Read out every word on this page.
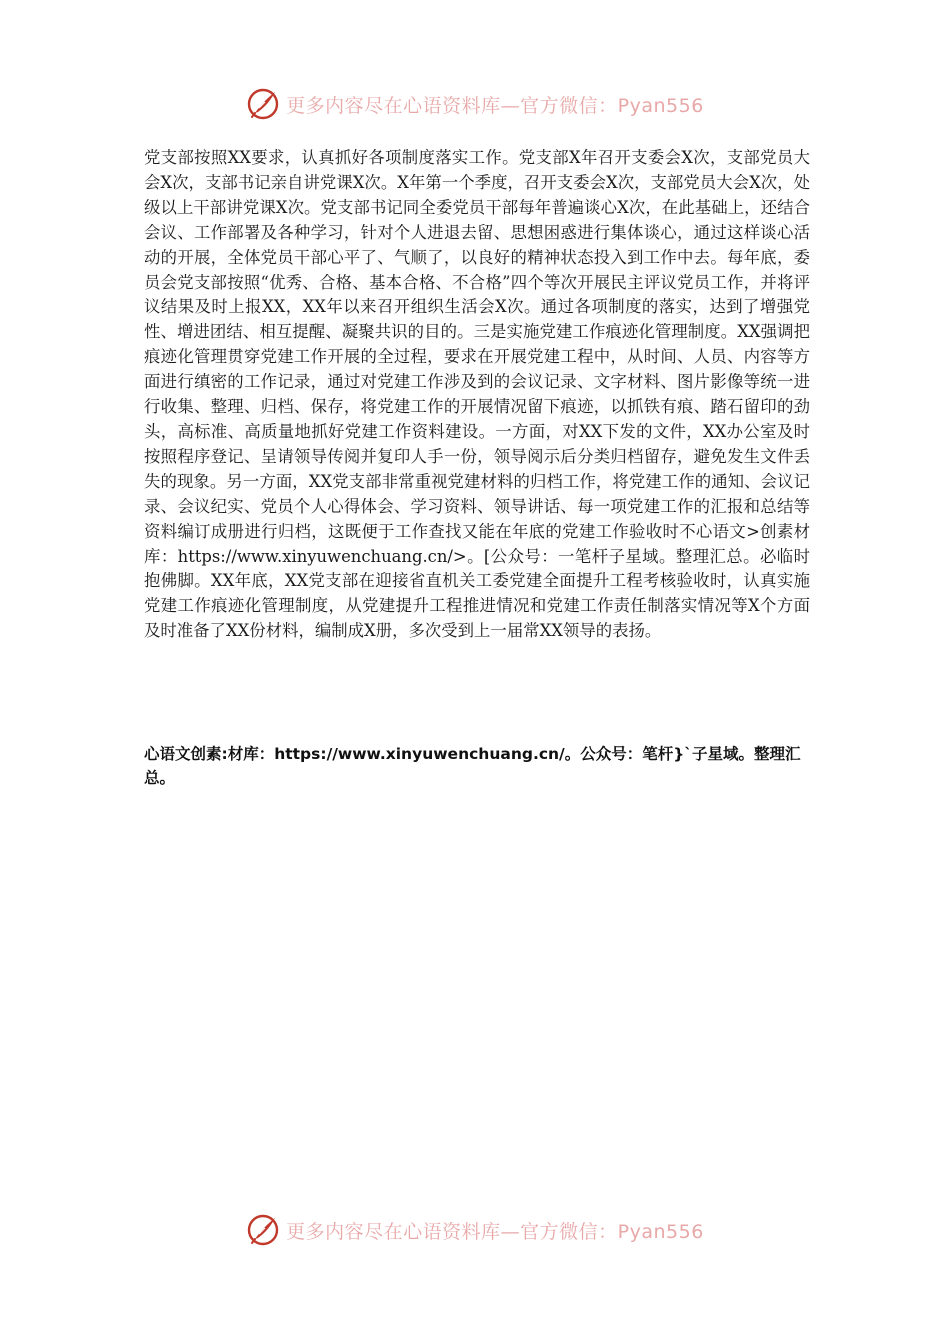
更多内容尽在心语资料库—官方微信：Pyan556

党支部按照XX要求，认真抓好各项制度落实工作。党支部X年召开支委会X次，支部党员大会X次，支部书记亲自讲党课X次。X年第一个季度，召开支委会X次，支部党员大会X次，处级以上干部讲党课X次。党支部书记同全委党员干部每年普遍谈心X次，在此基础上，还结合会议、工作部署及各种学习，针对个人进退去留、思想困惑进行集体谈心，通过这样谈心活动的开展，全体党员干部心平了、气顺了，以良好的精神状态投入到工作中去。每年底，委员会党支部按照“优秀、合格、基本合格、不合格”四个等次开展民主评议党员工作，并将评议结果及时上报XX，XX年以来召开组织生活会X次。通过各项制度的落实，达到了增强党性、增进团结、相互提醒、凝聚共识的目的。三是实施党建工作痕迹化管理制度。XX强调把痕迹化管理贯穿党建工作开展的全过程，要求在开展党建工程中，从时间、人员、内容等方面进行缜密的工作记录，通过对党建工作涉及到的会议记录、文字材料、图片影像等统一进行收集、整理、归档、保存，将党建工作的开展情况留下痕迹，以抓铁有痕、踏石留印的劲头，高标准、高质量地抓好党建工作资料建设。一方面，对XX下发的文件，XX办公室及时按照程序登记、呈请领导传阅并复印人手一份，领导阅示后分类归档留存，避免发生文件丢失的现象。另一方面，XX党支部非常重视党建材料的归档工作，将党建工作的通知、会议记录、会议纪实、党员个人心得体会、学习资料、领导讲话、每一项党建工作的汇报和总结等资料编订成册进行归档，这既便于工作查找又能在年底的党建工作验收时不心语文>创素材库：https://www.xinyuwenchuang.cn/>。[公众号：一笔杆子星域。整理汇总。必临时抱佛脚。XX年底，XX党支部在迎接省直机关工委党建全面提升工程考核验收时，认真实施党建工作痕迹化管理制度，从党建提升工程推进情况和党建工作责任制落实情况等X个方面及时准备了XX份材料，编制成X册，多次受到上一届常XX领导的表扬。

心语文创素:材库：https://www.xinyuwenchuang.cn/。公众号：笔杆}`子星域。整理汇总。

更多内容尽在心语资料库—官方微信：Pyan556
